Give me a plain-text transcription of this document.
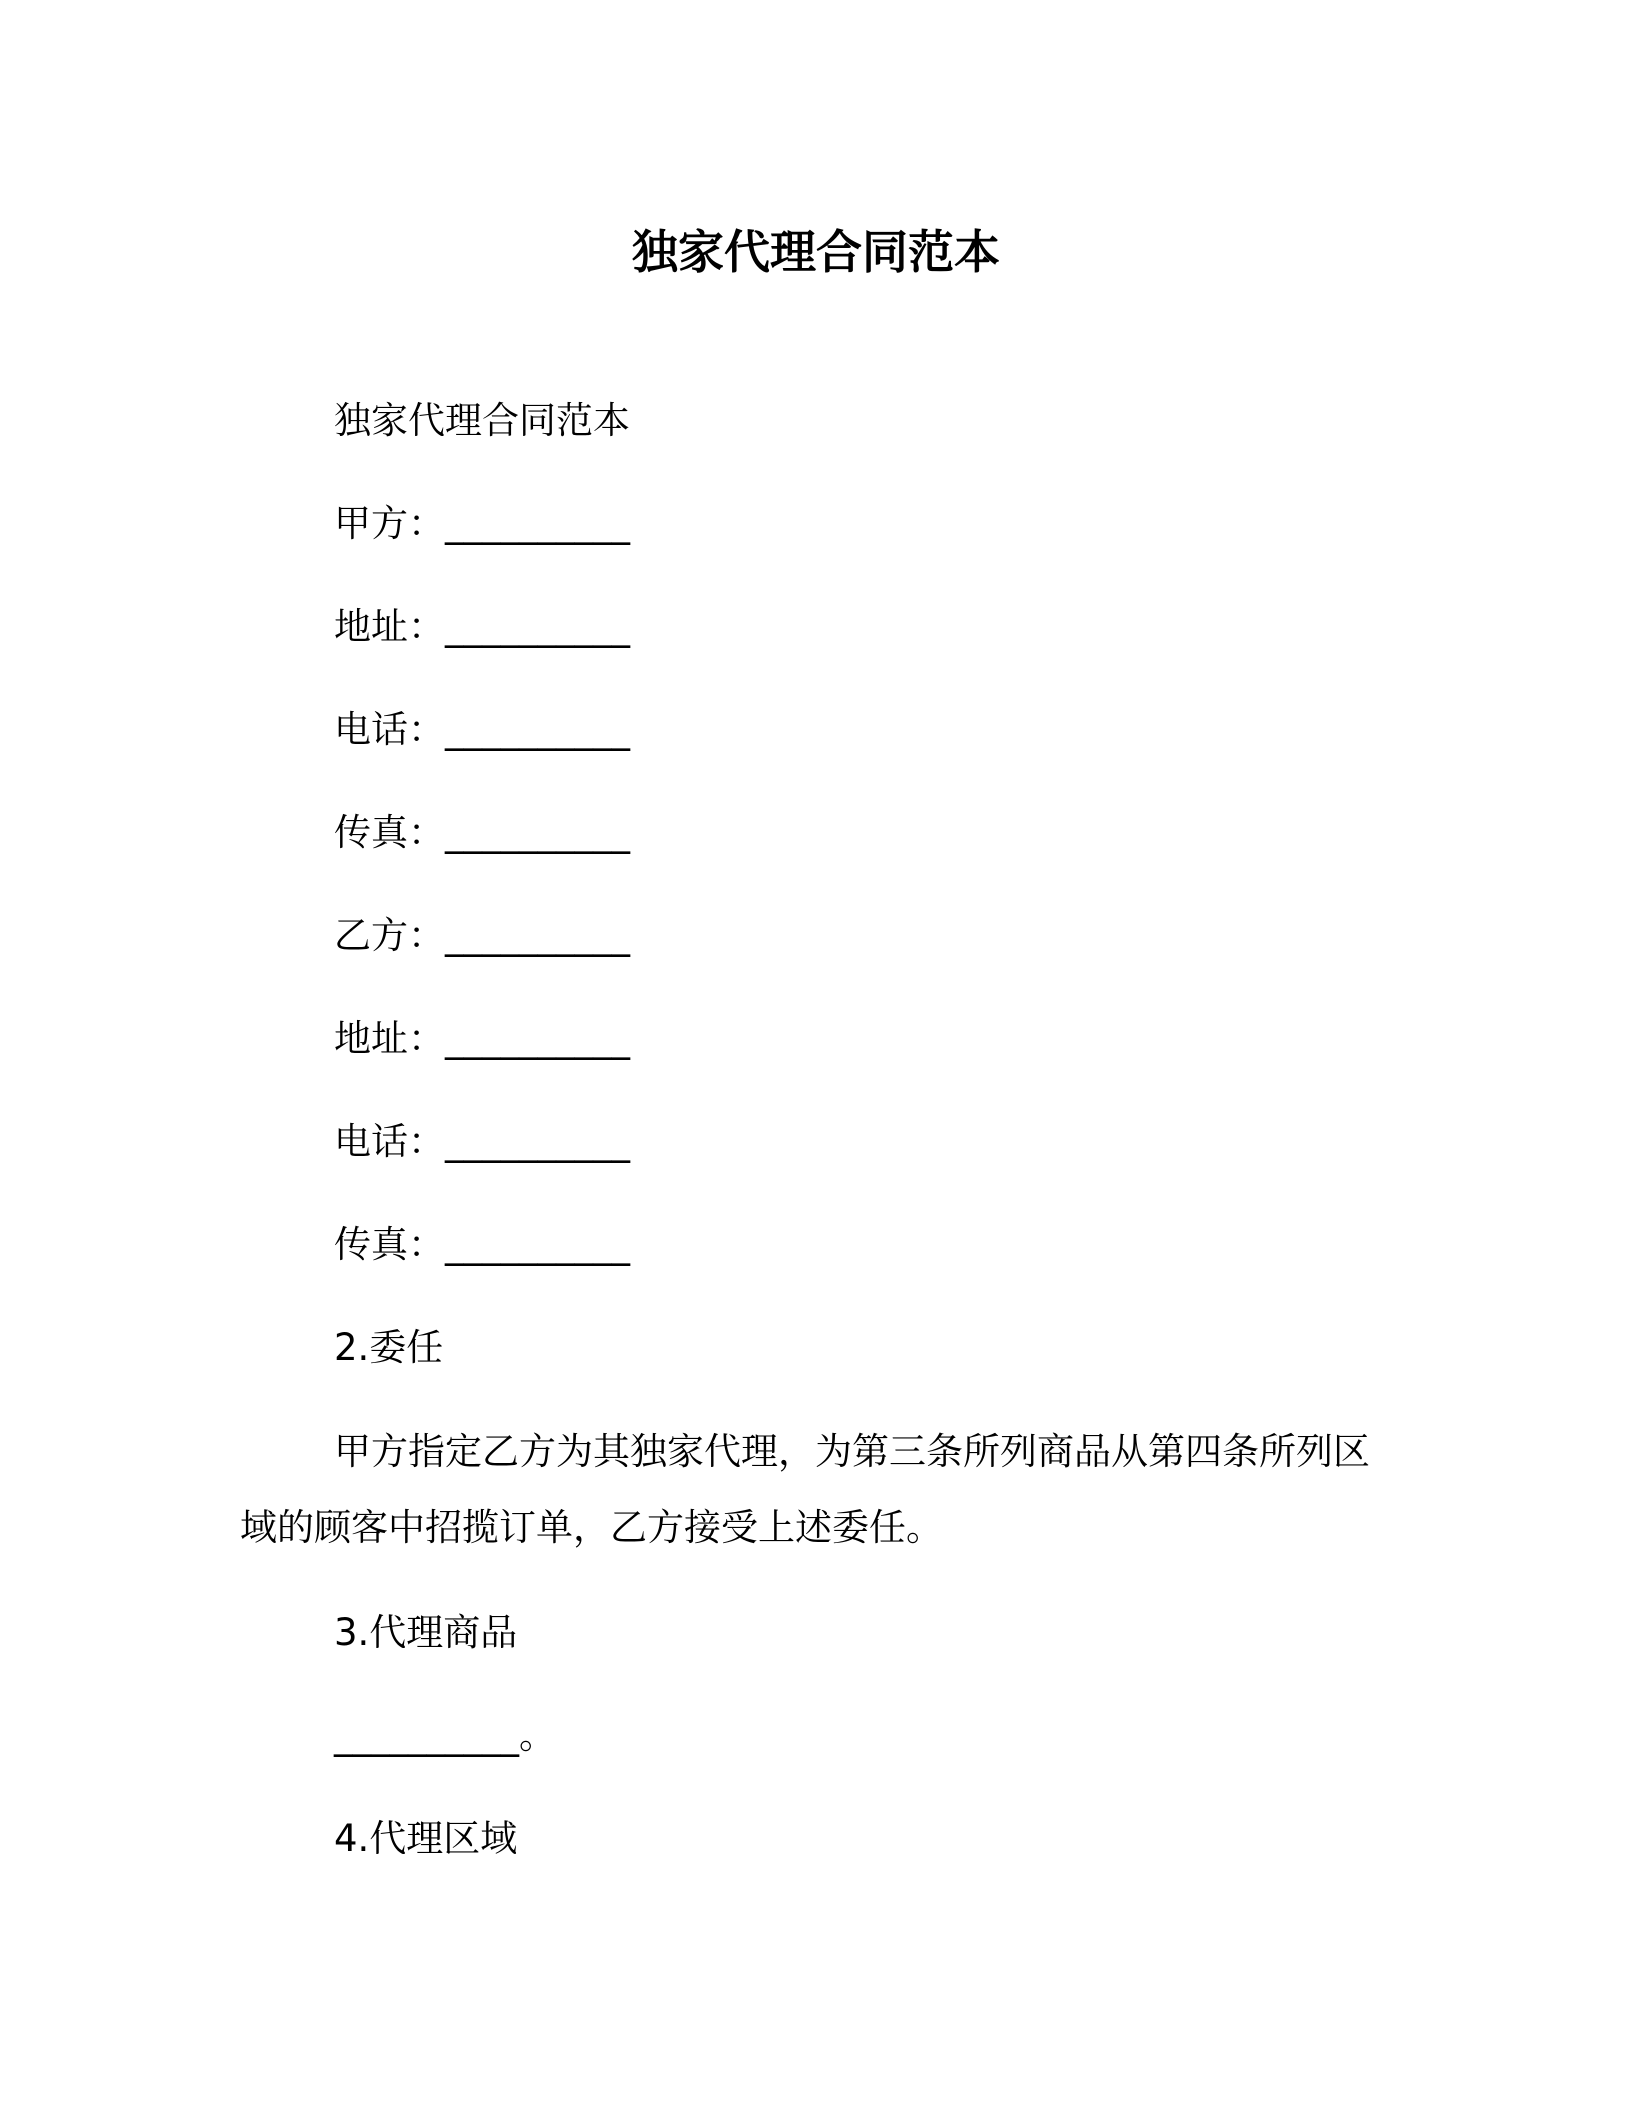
独家代理合同范本
独家代理合同范本
甲方：__________
地址：__________
电话：__________
传真：__________
乙方：__________
地址：__________
电话：__________
传真：__________
2.委任
甲方指定乙方为其独家代理，为第三条所列商品从第四条所列区域的顾客中招揽订单，乙方接受上述委任。
3.代理商品
__________。
4.代理区域
